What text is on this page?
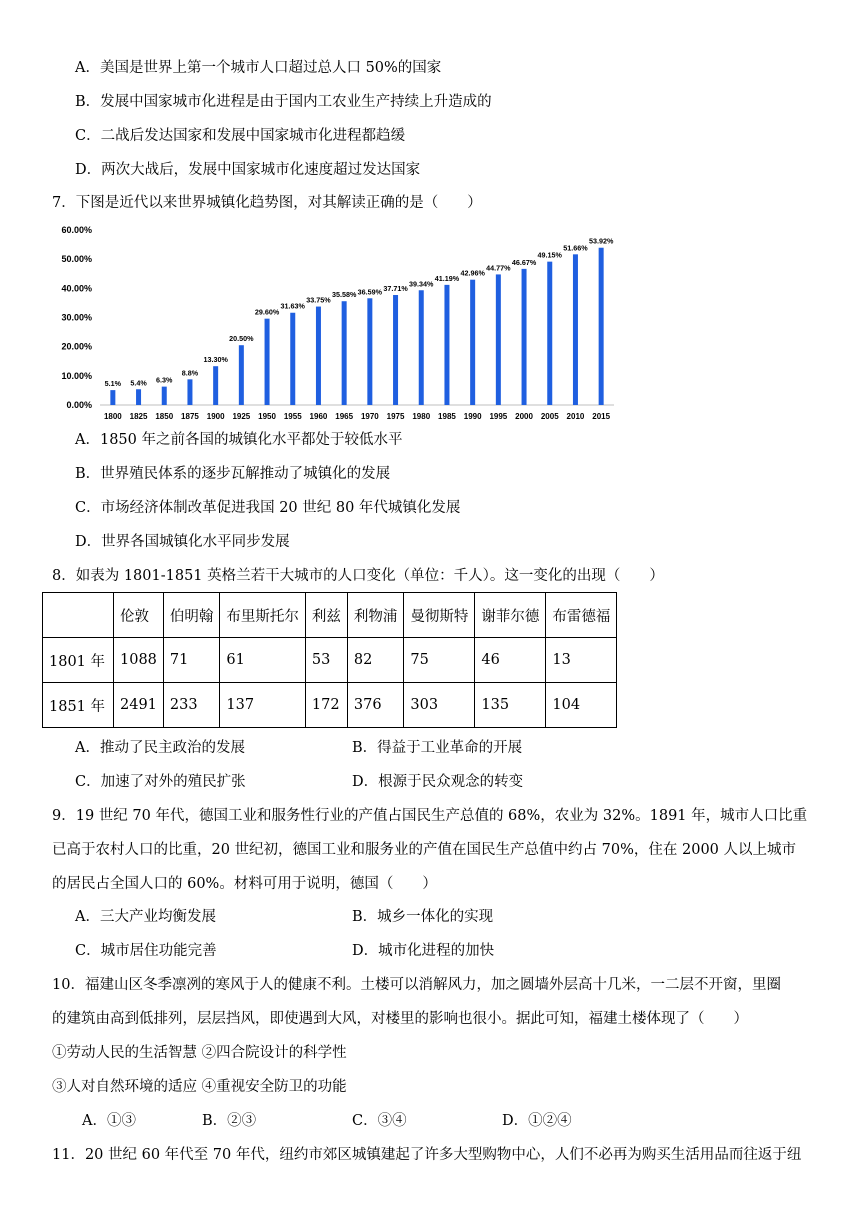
A．美国是世界上第一个城市人口超过总人口 50%的国家
B．发展中国家城市化进程是由于国内工农业生产持续上升造成的
C．二战后发达国家和发展中国家城市化进程都趋缓
D．两次大战后，发展中国家城市化速度超过发达国家
7．下图是近代以来世界城镇化趋势图，对其解读正确的是（　　）
0.00%
10.00%
20.00%
30.00%
40.00%
50.00%
60.00%
5.1%
1800
5.4%
1825
6.3%
1850
8.8%
1875
13.30%
1900
20.50%
1925
29.60%
1950
31.63%
1955
33.75%
1960
35.58%
1965
36.59%
1970
37.71%
1975
39.34%
1980
41.19%
1985
42.96%
1990
44.77%
1995
46.67%
2000
49.15%
2005
51.66%
2010
53.92%
2015
A．1850 年之前各国的城镇化水平都处于较低水平
B．世界殖民体系的逐步瓦解推动了城镇化的发展
C．市场经济体制改革促进我国 20 世纪 80 年代城镇化发展
D．世界各国城镇化水平同步发展
8．如表为 1801-1851 英格兰若干大城市的人口变化（单位：千人）。这一变化的出现（　　）
	伦敦	伯明翰	布里斯托尔	利兹	利物浦	曼彻斯特	谢菲尔德	布雷德福
1801 年	1088	71	61	53	82	75	46	13
1851 年	2491	233	137	172	376	303	135	104
A．推动了民主政治的发展	B．得益于工业革命的开展
C．加速了对外的殖民扩张	D．根源于民众观念的转变
9．19 世纪 70 年代，德国工业和服务性行业的产值占国民生产总值的 68%，农业为 32%。1891 年，城市人口比重
已高于农村人口的比重，20 世纪初，德国工业和服务业的产值在国民生产总值中约占 70%，住在 2000 人以上城市
的居民占全国人口的 60%。材料可用于说明，德国（　　）
A．三大产业均衡发展	B．城乡一体化的实现
C．城市居住功能完善	D．城市化进程的加快
10．福建山区冬季凛冽的寒风于人的健康不利。土楼可以消解风力，加之圆墙外层高十几米，一二层不开窗，里圈
的建筑由高到低排列，层层挡风，即使遇到大风，对楼里的影响也很小。据此可知，福建土楼体现了（　　）
①劳动人民的生活智慧 ②四合院设计的科学性
③人对自然环境的适应 ④重视安全防卫的功能
A．①③	B．②③	C．③④	D．①②④
11．20 世纪 60 年代至 70 年代，纽约市郊区城镇建起了许多大型购物中心，人们不必再为购买生活用品而往返于纽
